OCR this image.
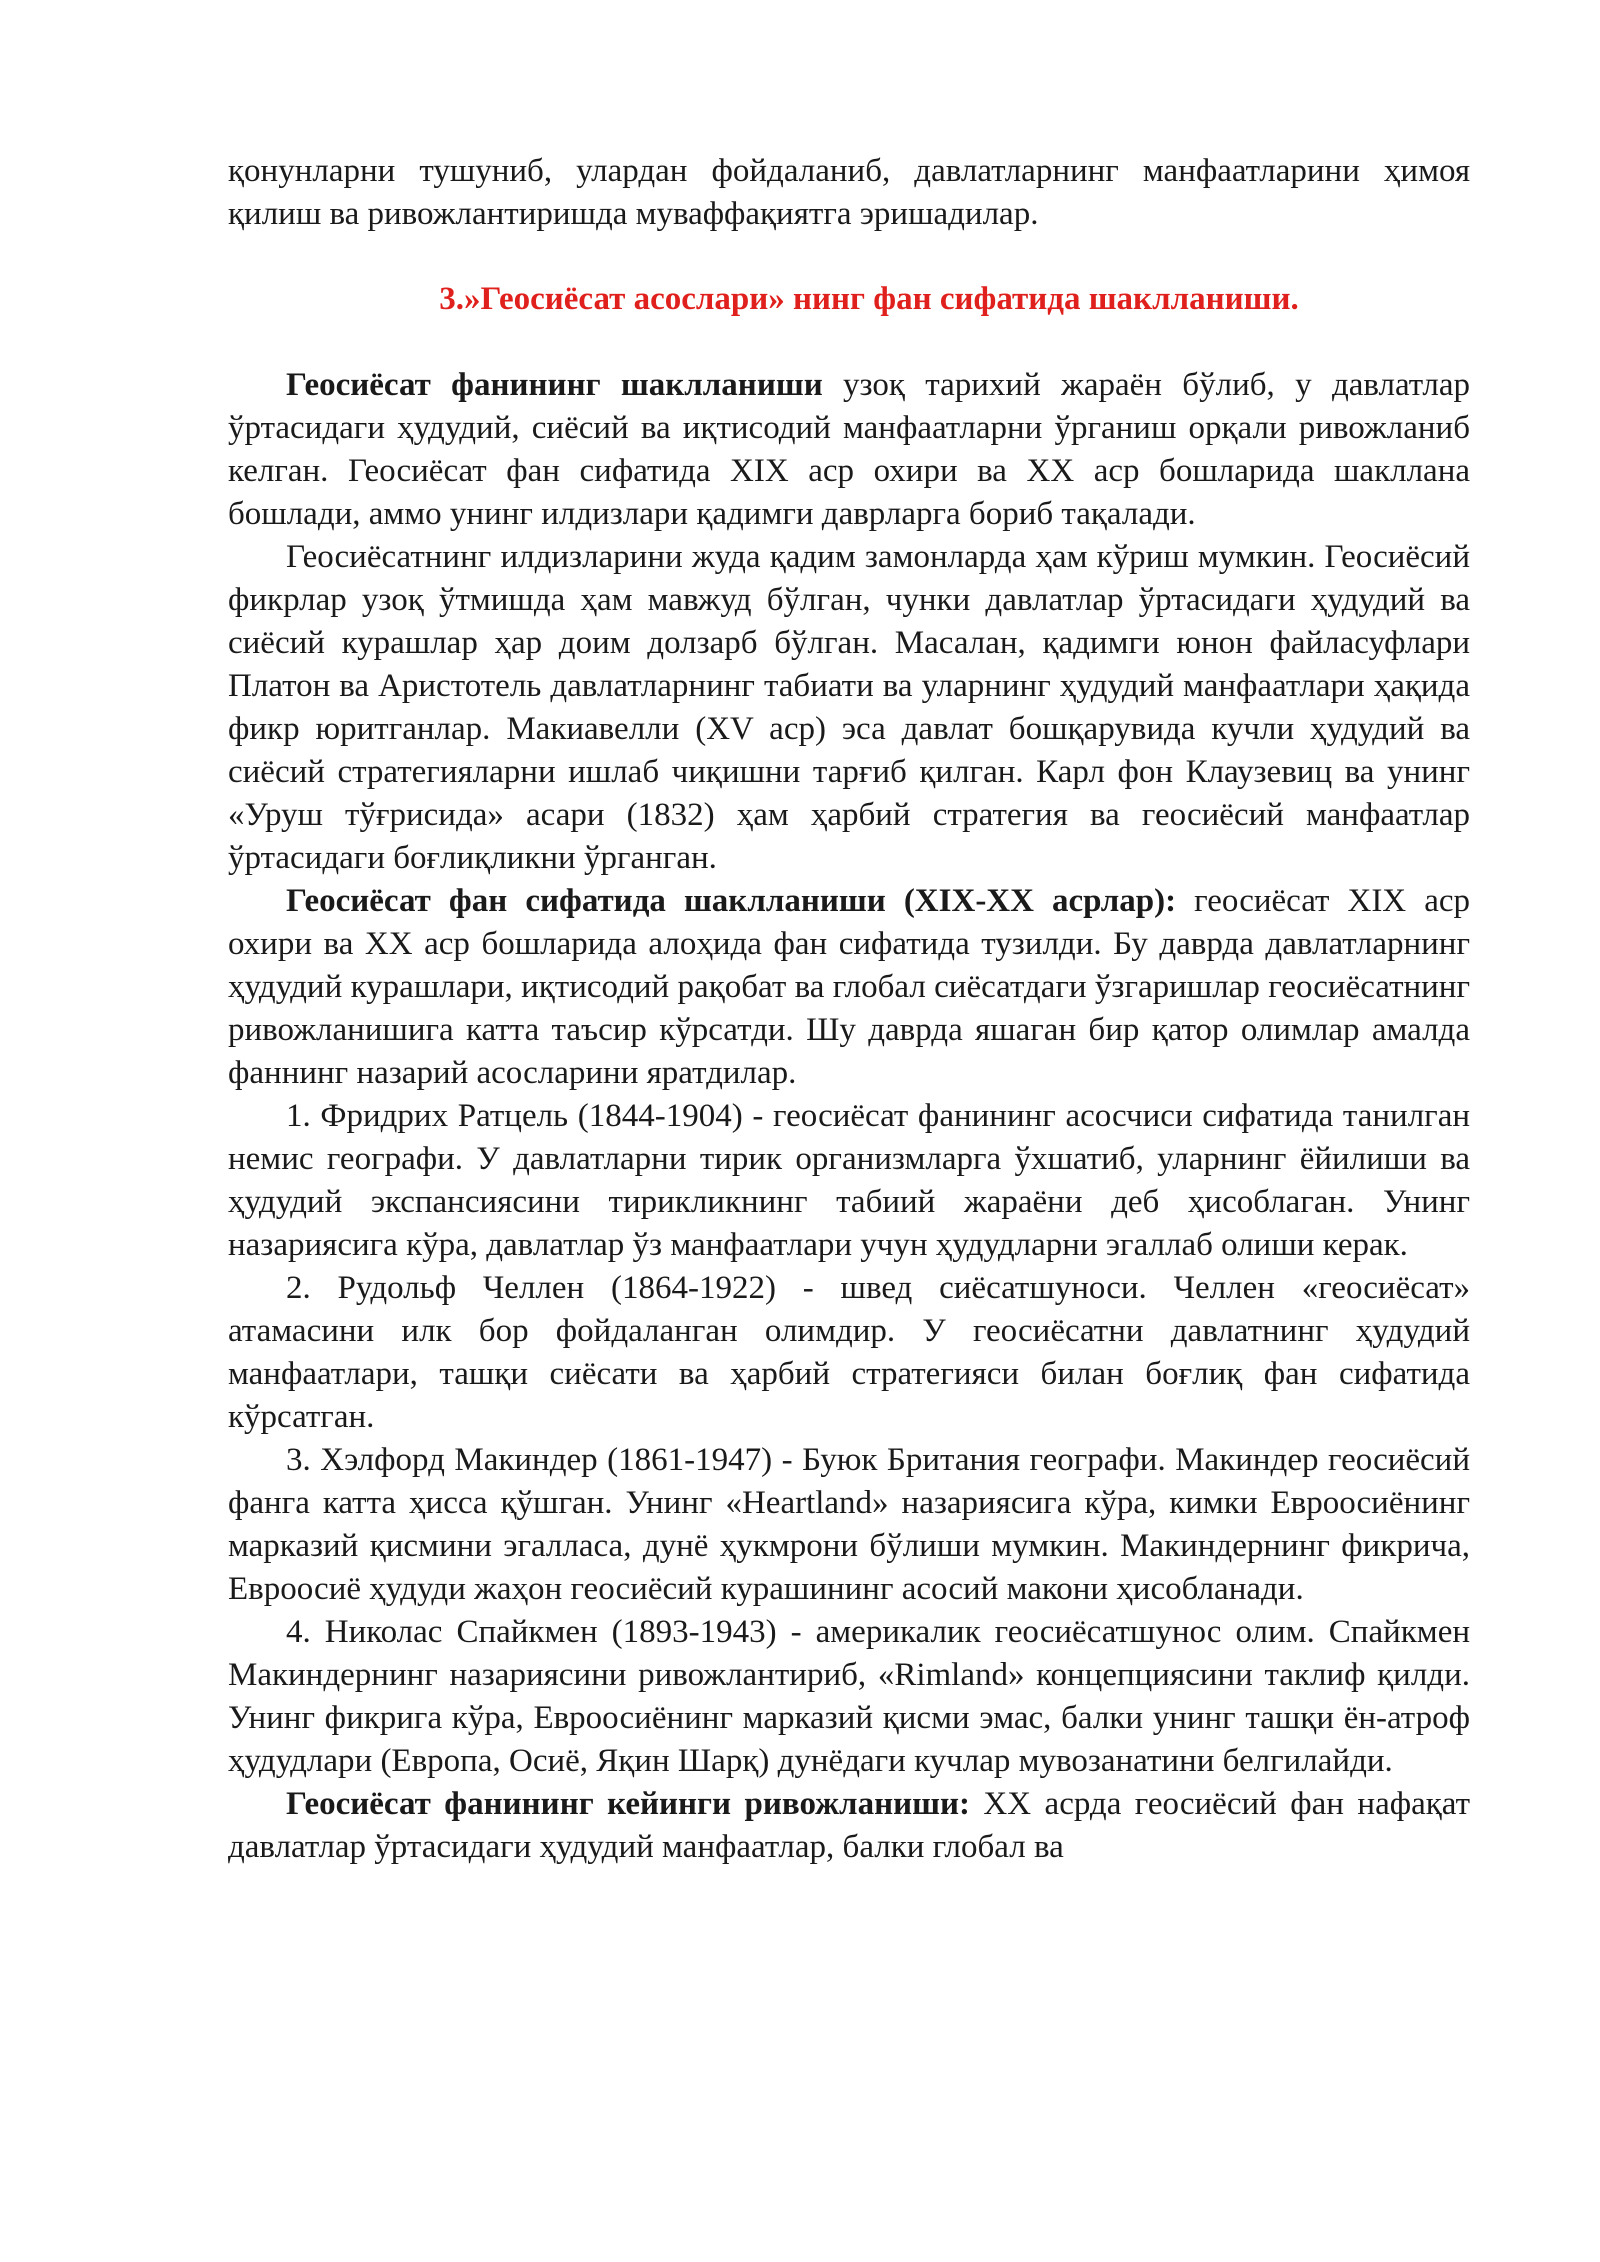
қонунларни тушуниб, улардан фойдаланиб, давлатларнинг манфаатларини ҳимоя қилиш ва ривожлантиришда муваффақиятга эришадилар.

3.»Геосиёсат асослари» нинг фан сифатида шаклланиши.

Геосиёсат фанининг шаклланиши узоқ тарихий жараён бўлиб, у давлатлар ўртасидаги ҳудудий, сиёсий ва иқтисодий манфаатларни ўрганиш орқали ривожланиб келган. Геосиёсат фан сифатида XIX аср охири ва XX аср бошларида шакллана бошлади, аммо унинг илдизлари қадимги даврларга бориб тақалади.

Геосиёсатнинг илдизларини жуда қадим замонларда ҳам кўриш мумкин. Геосиёсий фикрлар узоқ ўтмишда ҳам мавжуд бўлган, чунки давлатлар ўртасидаги ҳудудий ва сиёсий курашлар ҳар доим долзарб бўлган. Масалан, қадимги юнон файласуфлари Платон ва Аристотель давлатларнинг табиати ва уларнинг ҳудудий манфаатлари ҳақида фикр юритганлар. Макиавелли (XV аср) эса давлат бошқарувида кучли ҳудудий ва сиёсий стратегияларни ишлаб чиқишни тарғиб қилган. Карл фон Клаузевиц ва унинг «Уруш тўғрисида» асари (1832) ҳам ҳарбий стратегия ва геосиёсий манфаатлар ўртасидаги боғлиқликни ўрганган.

Геосиёсат фан сифатида шаклланиши (XIX-XX асрлар): геосиёсат XIX аср охири ва XX аср бошларида алоҳида фан сифатида тузилди. Бу даврда давлатларнинг ҳудудий курашлари, иқтисодий рақобат ва глобал сиёсатдаги ўзгаришлар геосиёсатнинг ривожланишига катта таъсир кўрсатди. Шу даврда яшаган бир қатор олимлар амалда фаннинг назарий асосларини яратдилар.

1. Фридрих Ратцель (1844-1904) - геосиёсат фанининг асосчиси сифатида танилган немис географи. У давлатларни тирик организмларга ўхшатиб, уларнинг ёйилиши ва ҳудудий экспансиясини тирикликнинг табиий жараёни деб ҳисоблаган. Унинг назариясига кўра, давлатлар ўз манфаатлари учун ҳудудларни эгаллаб олиши керак.

2. Рудольф Челлен (1864-1922) - швед сиёсатшуноси. Челлен «геосиёсат» атамасини илк бор фойдаланган олимдир. У геосиёсатни давлатнинг ҳудудий манфаатлари, ташқи сиёсати ва ҳарбий стратегияси билан боғлиқ фан сифатида кўрсатган.

3. Хэлфорд Макиндер (1861-1947) - Буюк Британия географи. Макиндер геосиёсий фанга катта ҳисса қўшган. Унинг «Heartland» назариясига кўра, кимки Евроосиёнинг марказий қисмини эгалласа, дунё ҳукмрони бўлиши мумкин. Макиндернинг фикрича, Евроосиё ҳудуди жаҳон геосиёсий курашининг асосий макони ҳисобланади.

4. Николас Спайкмен (1893-1943) - америкалик геосиёсатшунос олим. Спайкмен Макиндернинг назариясини ривожлантириб, «Rimland» концепциясини таклиф қилди. Унинг фикрига кўра, Евроосиёнинг марказий қисми эмас, балки унинг ташқи ён-атроф ҳудудлари (Европа, Осиё, Яқин Шарқ) дунёдаги кучлар мувозанатини белгилайди.

Геосиёсат фанининг кейинги ривожланиши: XX асрда геосиёсий фан нафақат давлатлар ўртасидаги ҳудудий манфаатлар, балки глобал ва
